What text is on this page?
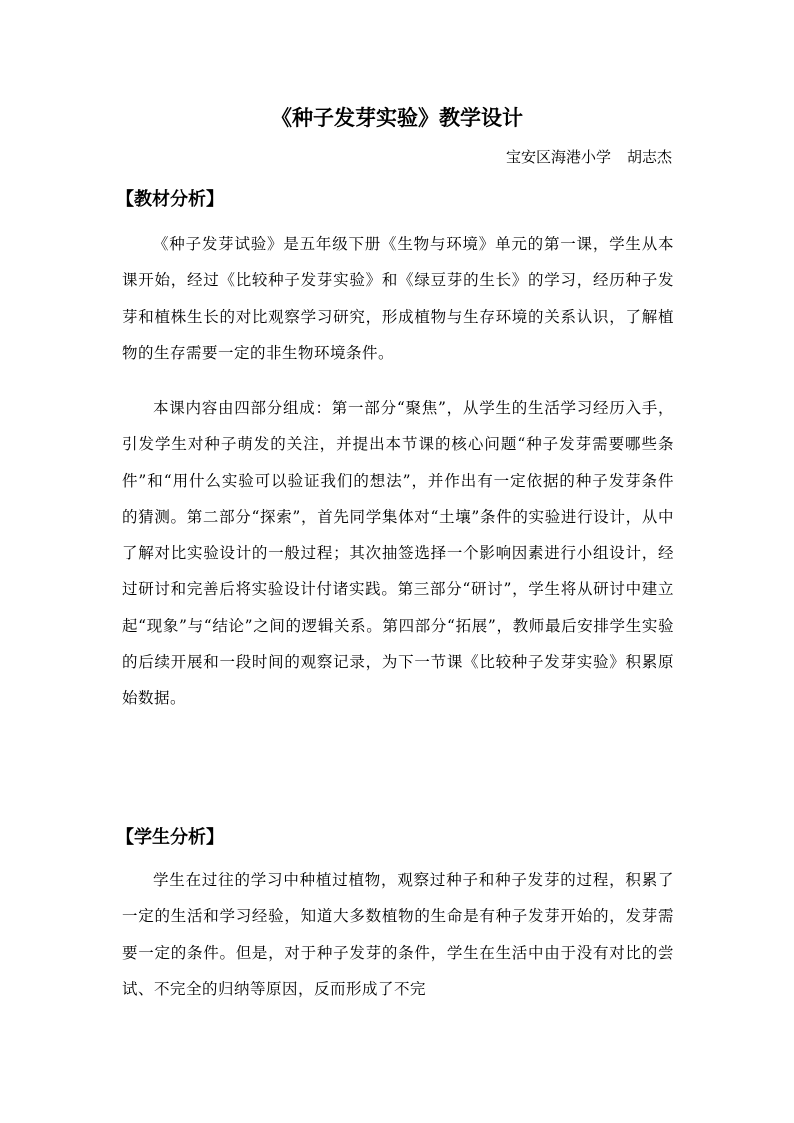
《种子发芽实验》教学设计
宝安区海港小学 胡志杰
【教材分析】

《种子发芽试验》是五年级下册《生物与环境》单元的第一课，学生从本课开始，经过《比较种子发芽实验》和《绿豆芽的生长》的学习，经历种子发芽和植株生长的对比观察学习研究，形成植物与生存环境的关系认识，了解植物的生存需要一定的非生物环境条件。

本课内容由四部分组成：第一部分“聚焦”，从学生的生活学习经历入手，引发学生对种子萌发的关注，并提出本节课的核心问题“种子发芽需要哪些条件”和“用什么实验可以验证我们的想法”，并作出有一定依据的种子发芽条件的猜测。第二部分“探索”，首先同学集体对“土壤”条件的实验进行设计，从中了解对比实验设计的一般过程；其次抽签选择一个影响因素进行小组设计，经过研讨和完善后将实验设计付诸实践。第三部分“研讨”，学生将从研讨中建立起“现象”与“结论”之间的逻辑关系。第四部分“拓展”，教师最后安排学生实验的后续开展和一段时间的观察记录，为下一节课《比较种子发芽实验》积累原始数据。

【学生分析】

学生在过往的学习中种植过植物，观察过种子和种子发芽的过程，积累了一定的生活和学习经验，知道大多数植物的生命是有种子发芽开始的，发芽需要一定的条件。但是，对于种子发芽的条件，学生在生活中由于没有对比的尝试、不完全的归纳等原因，反而形成了不完
